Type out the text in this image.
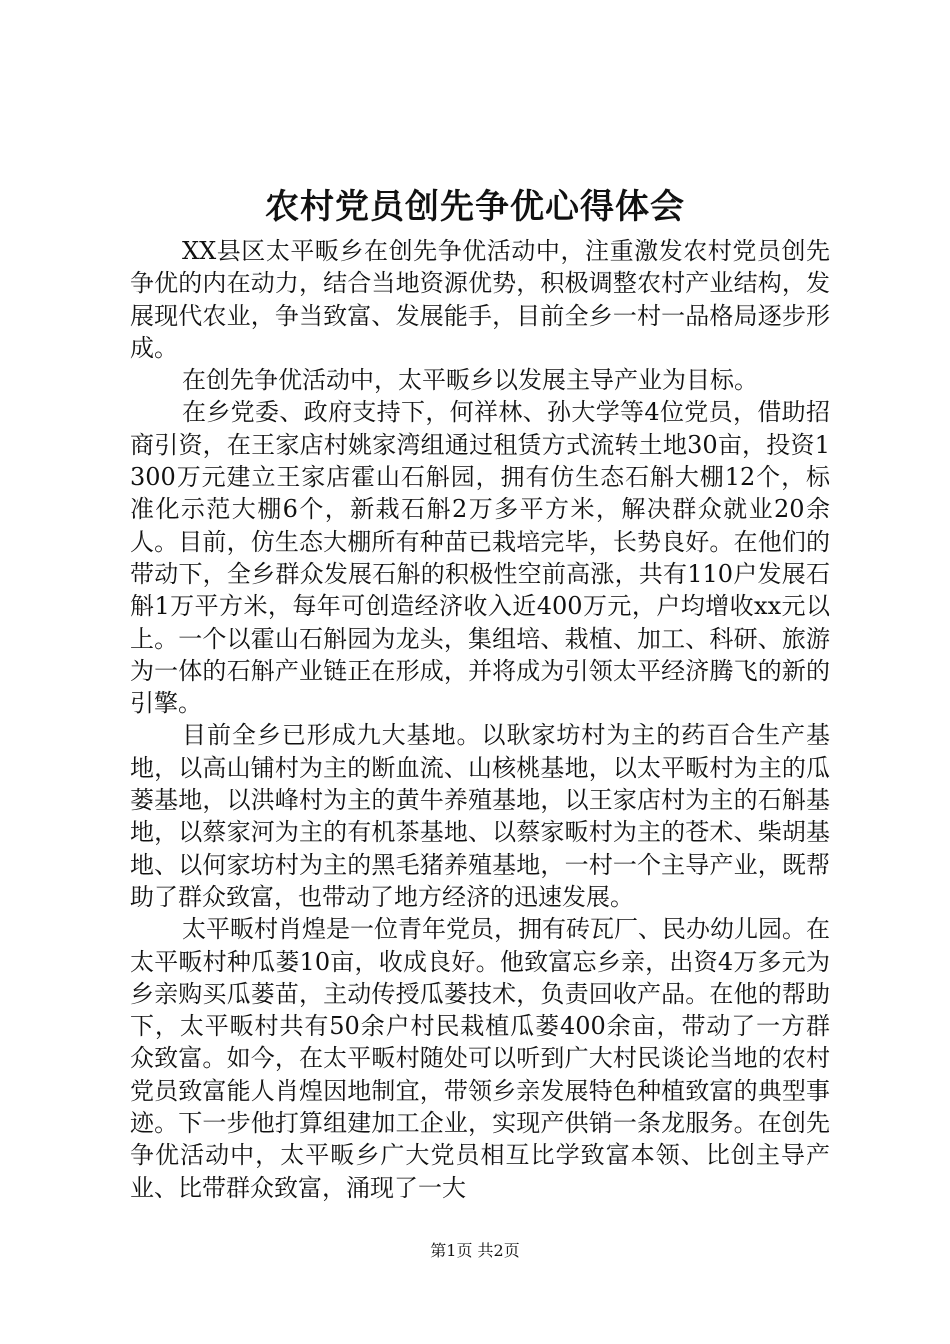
农村党员创先争优心得体会

XX县区太平畈乡在创先争优活动中，注重激发农村党员创先争优的内在动力，结合当地资源优势，积极调整农村产业结构，发展现代农业，争当致富、发展能手，目前全乡一村一品格局逐步形成。

在创先争优活动中，太平畈乡以发展主导产业为目标。

在乡党委、政府支持下，何祥林、孙大学等4位党员，借助招商引资，在王家店村姚家湾组通过租赁方式流转土地30亩，投资1300万元建立王家店霍山石斛园，拥有仿生态石斛大棚12个，标准化示范大棚6个，新栽石斛2万多平方米，解决群众就业20余人。目前，仿生态大棚所有种苗已栽培完毕，长势良好。在他们的带动下，全乡群众发展石斛的积极性空前高涨，共有110户发展石斛1万平方米，每年可创造经济收入近400万元，户均增收xx元以上。一个以霍山石斛园为龙头，集组培、栽植、加工、科研、旅游为一体的石斛产业链正在形成，并将成为引领太平经济腾飞的新的引擎。

目前全乡已形成九大基地。以耿家坊村为主的药百合生产基地，以高山铺村为主的断血流、山核桃基地，以太平畈村为主的瓜蒌基地，以洪峰村为主的黄牛养殖基地，以王家店村为主的石斛基地，以蔡家河为主的有机茶基地、以蔡家畈村为主的苍术、柴胡基地、以何家坊村为主的黑毛猪养殖基地，一村一个主导产业，既帮助了群众致富，也带动了地方经济的迅速发展。

太平畈村肖煌是一位青年党员，拥有砖瓦厂、民办幼儿园。在太平畈村种瓜蒌10亩，收成良好。他致富忘乡亲，出资4万多元为乡亲购买瓜蒌苗，主动传授瓜蒌技术，负责回收产品。在他的帮助下，太平畈村共有50余户村民栽植瓜蒌400余亩，带动了一方群众致富。如今，在太平畈村随处可以听到广大村民谈论当地的农村党员致富能人肖煌因地制宜，带领乡亲发展特色种植致富的典型事迹。下一步他打算组建加工企业，实现产供销一条龙服务。在创先争优活动中，太平畈乡广大党员相互比学致富本领、比创主导产业、比带群众致富，涌现了一大

第1页 共2页
